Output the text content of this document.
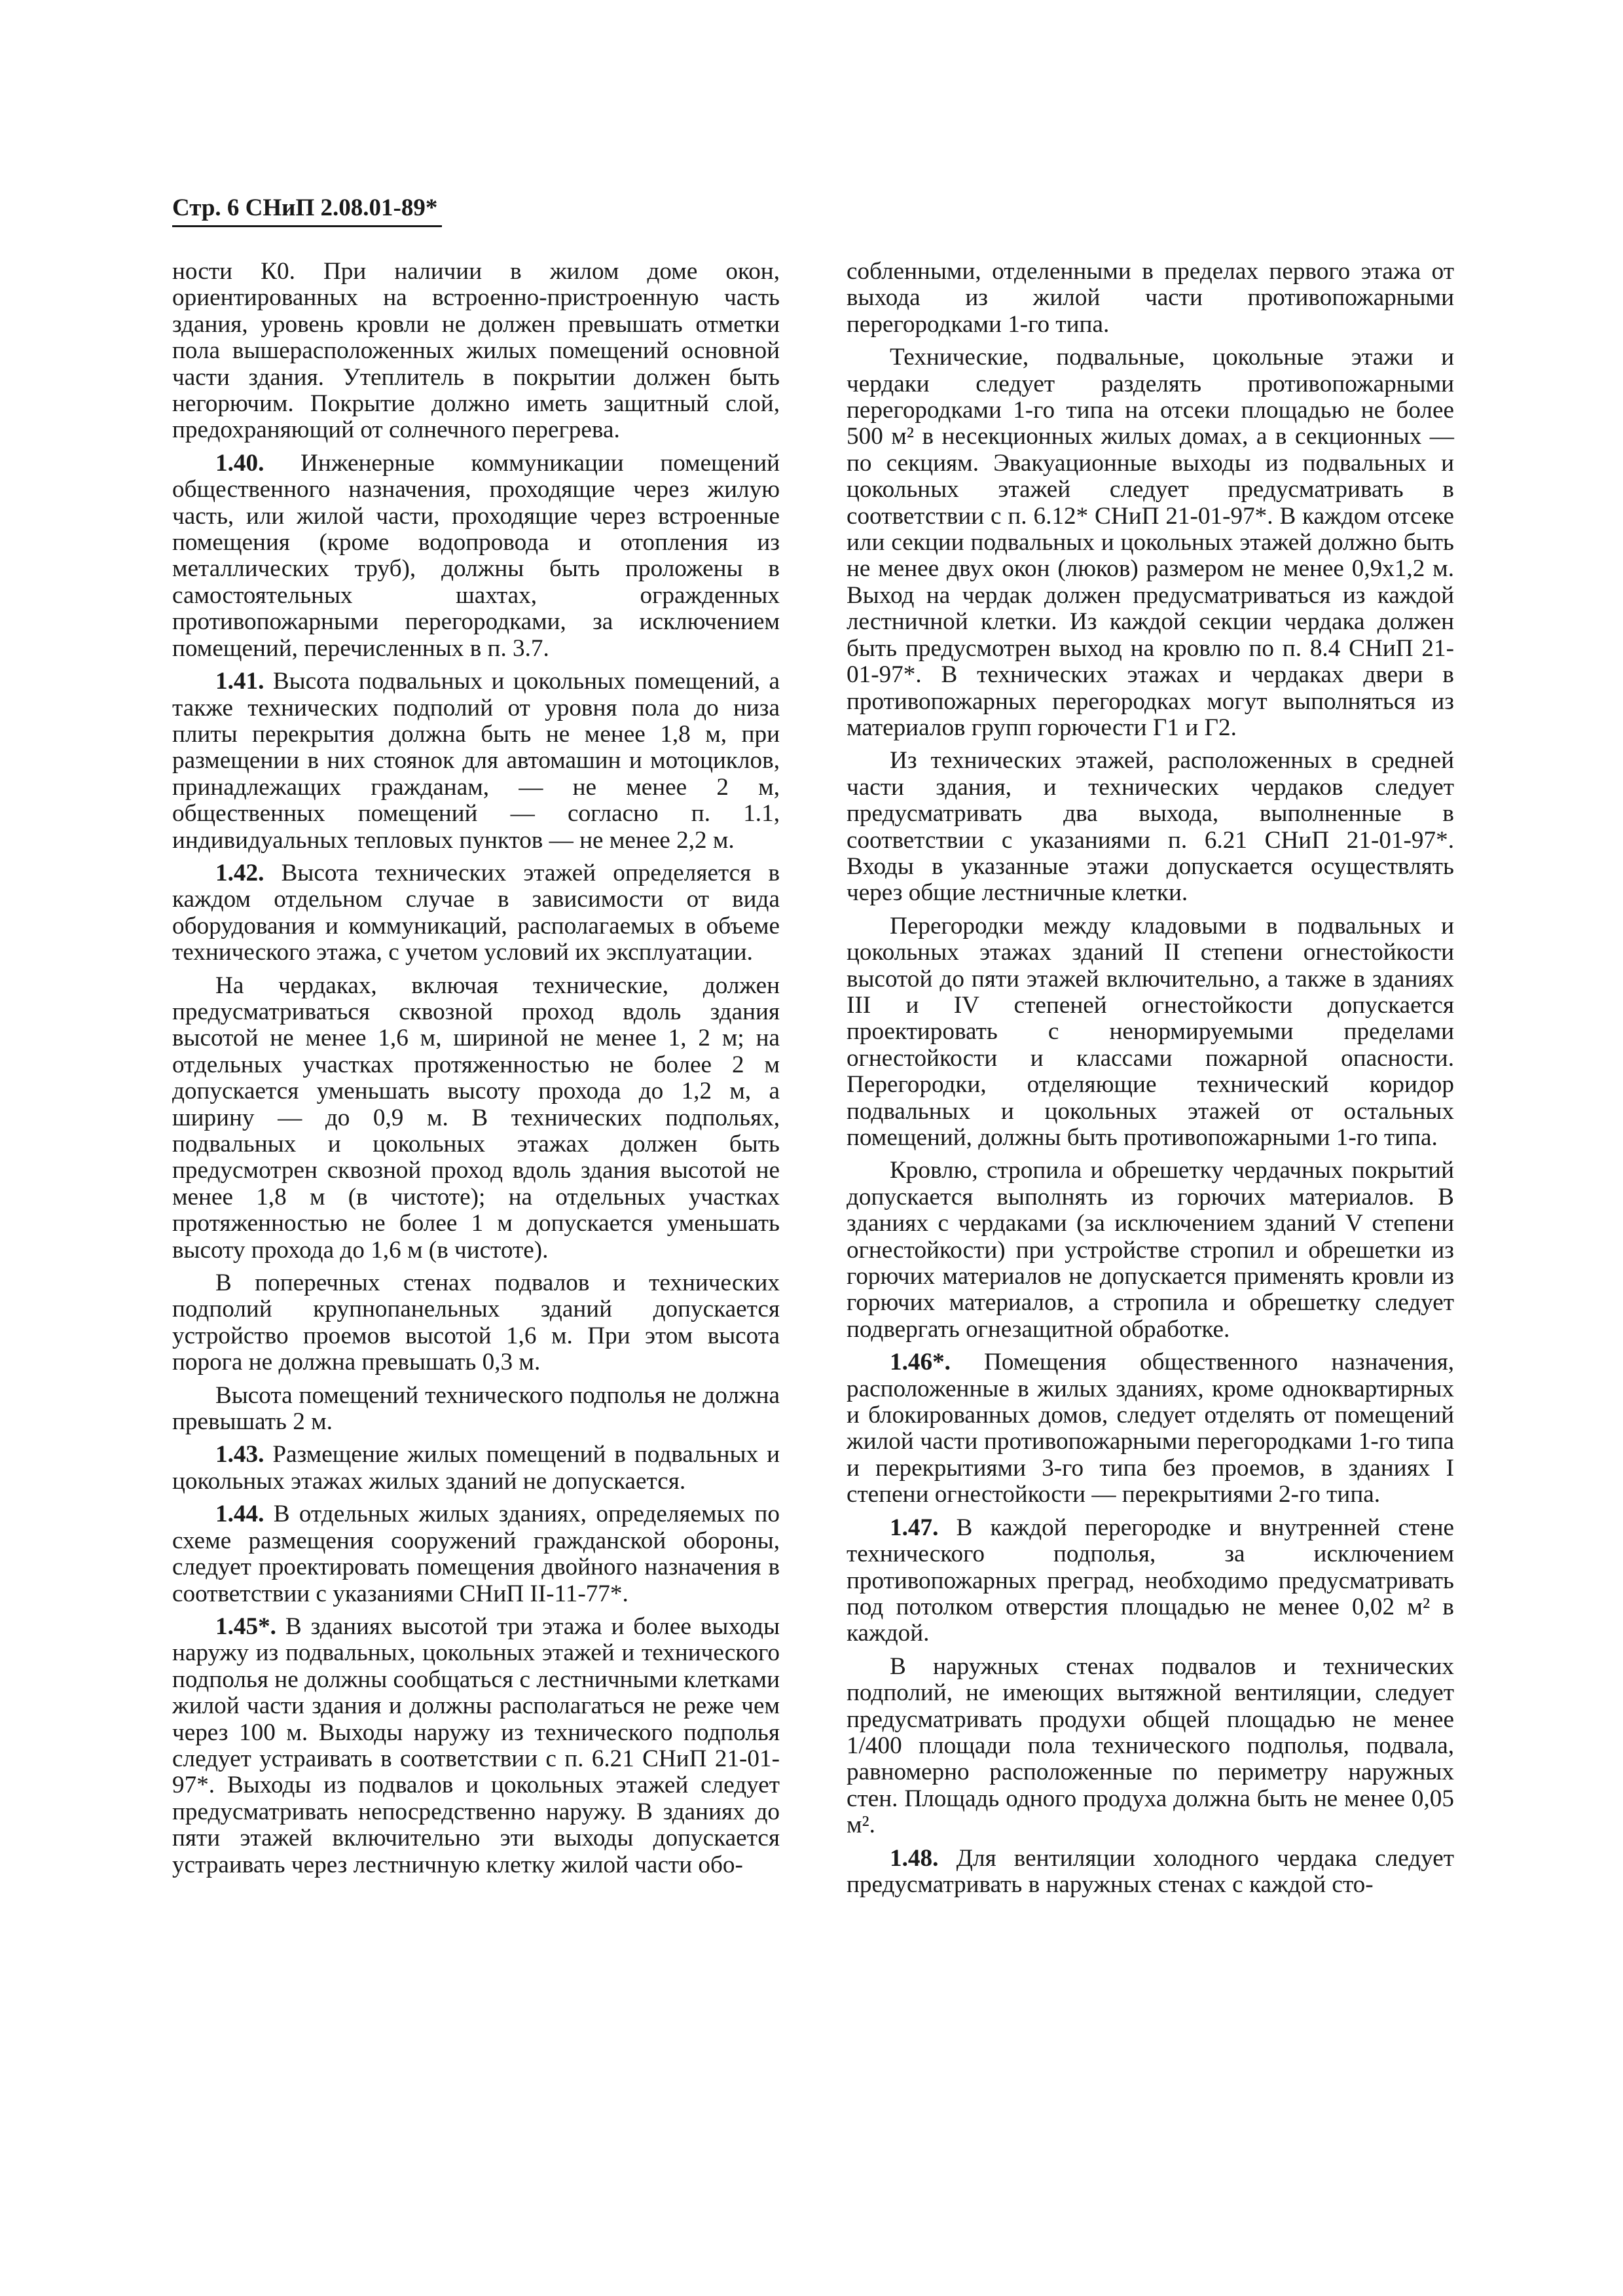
Стр. 6 СНиП 2.08.01-89*

ности К0. При наличии в жилом доме окон, ориентированных на встроенно-пристроенную часть здания, уровень кровли не должен превышать отметки пола вышерасположенных жилых помещений основной части здания. Утеплитель в покрытии должен быть негорючим. Покрытие должно иметь защитный слой, предохраняющий от солнечного перегрева.

1.40. Инженерные коммуникации помещений общественного назначения, проходящие через жилую часть, или жилой части, проходящие через встроенные помещения (кроме водопровода и отопления из металлических труб), должны быть проложены в самостоятельных шахтах, огражденных противопожарными перегородками, за исключением помещений, перечисленных в п. 3.7.

1.41. Высота подвальных и цокольных помещений, а также технических подполий от уровня пола до низа плиты перекрытия должна быть не менее 1,8 м, при размещении в них стоянок для автомашин и мотоциклов, принадлежащих гражданам, — не менее 2 м, общественных помещений — согласно п. 1.1, индивидуальных тепловых пунктов — не менее 2,2 м.

1.42. Высота технических этажей определяется в каждом отдельном случае в зависимости от вида оборудования и коммуникаций, располагаемых в объеме технического этажа, с учетом условий их эксплуатации.

На чердаках, включая технические, должен предусматриваться сквозной проход вдоль здания высотой не менее 1,6 м, шириной не менее 1, 2 м; на отдельных участках протяженностью не более 2 м допускается уменьшать высоту прохода до 1,2 м, а ширину — до 0,9 м. В технических подпольях, подвальных и цокольных этажах должен быть предусмотрен сквозной проход вдоль здания высотой не менее 1,8 м (в чистоте); на отдельных участках протяженностью не более 1 м допускается уменьшать высоту прохода до 1,6 м (в чистоте).

В поперечных стенах подвалов и технических подполий крупнопанельных зданий допускается устройство проемов высотой 1,6 м. При этом высота порога не должна превышать 0,3 м.

Высота помещений технического подполья не должна превышать 2 м.

1.43. Размещение жилых помещений в подвальных и цокольных этажах жилых зданий не допускается.

1.44. В отдельных жилых зданиях, определяемых по схеме размещения сооружений гражданской обороны, следует проектировать помещения двойного назначения в соответствии с указаниями СНиП II-11-77*.

1.45*. В зданиях высотой три этажа и более выходы наружу из подвальных, цокольных этажей и технического подполья не должны сообщаться с лестничными клетками жилой части здания и должны располагаться не реже чем через 100 м. Выходы наружу из технического подполья следует устраивать в соответствии с п. 6.21 СНиП 21-01-97*. Выходы из подвалов и цокольных этажей следует предусматривать непосредственно наружу. В зданиях до пяти этажей включительно эти выходы допускается устраивать через лестничную клетку жилой части обо-

собленными, отделенными в пределах первого этажа от выхода из жилой части противопожарными перегородками 1-го типа.

Технические, подвальные, цокольные этажи и чердаки следует разделять противопожарными перегородками 1-го типа на отсеки площадью не более 500 м² в несекционных жилых домах, а в секционных — по секциям. Эвакуационные выходы из подвальных и цокольных этажей следует предусматривать в соответствии с п. 6.12* СНиП 21-01-97*. В каждом отсеке или секции подвальных и цокольных этажей должно быть не менее двух окон (люков) размером не менее 0,9х1,2 м. Выход на чердак должен предусматриваться из каждой лестничной клетки. Из каждой секции чердака должен быть предусмотрен выход на кровлю по п. 8.4 СНиП 21-01-97*. В технических этажах и чердаках двери в противопожарных перегородках могут выполняться из материалов групп горючести Г1 и Г2.

Из технических этажей, расположенных в средней части здания, и технических чердаков следует предусматривать два выхода, выполненные в соответствии с указаниями п. 6.21 СНиП 21-01-97*. Входы в указанные этажи допускается осуществлять через общие лестничные клетки.

Перегородки между кладовыми в подвальных и цокольных этажах зданий II степени огнестойкости высотой до пяти этажей включительно, а также в зданиях III и IV степеней огнестойкости допускается проектировать с ненормируемыми пределами огнестойкости и классами пожарной опасности. Перегородки, отделяющие технический коридор подвальных и цокольных этажей от остальных помещений, должны быть противопожарными 1-го типа.

Кровлю, стропила и обрешетку чердачных покрытий допускается выполнять из горючих материалов. В зданиях с чердаками (за исключением зданий V степени огнестойкости) при устройстве стропил и обрешетки из горючих материалов не допускается применять кровли из горючих материалов, а стропила и обрешетку следует подвергать огнезащитной обработке.

1.46*. Помещения общественного назначения, расположенные в жилых зданиях, кроме одноквартирных и блокированных домов, следует отделять от помещений жилой части противопожарными перегородками 1-го типа и перекрытиями 3-го типа без проемов, в зданиях I степени огнестойкости — перекрытиями 2-го типа.

1.47. В каждой перегородке и внутренней стене технического подполья, за исключением противопожарных преград, необходимо предусматривать под потолком отверстия площадью не менее 0,02 м² в каждой.

В наружных стенах подвалов и технических подполий, не имеющих вытяжной вентиляции, следует предусматривать продухи общей площадью не менее 1/400 площади пола технического подполья, подвала, равномерно расположенные по периметру наружных стен. Площадь одного продуха должна быть не менее 0,05 м².

1.48. Для вентиляции холодного чердака следует предусматривать в наружных стенах с каждой сто-
